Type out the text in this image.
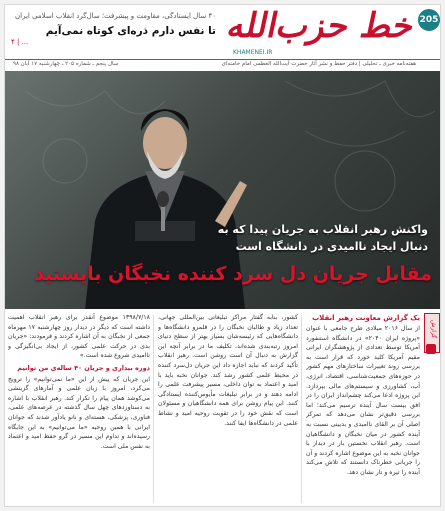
205
خط حزب‌الله
KHAMENEI.IR
۴۰ سال ایستادگی، مقاومت و پیشرفت؛ سال‌گرد انقلاب اسلامی ایران
تا نفس دارم ذره‌ای کوتاه نمی‌آیم
۴ | ...
هفته‌نامه خبری ـ تحلیلی | دفتر حفظ و نشر آثار حضرت آیت‌الله العظمی امام خامنه‌ای
سال پنجم ـ شماره ۲۰۵ ـ چهارشنبه ۱۷ آبان ۹۸
واکنش رهبر انقلاب به جریان پیدا که به دنبال ایجاد ناامیدی در دانشگاه است
مقابل جریان دل سرد کننده نخبگان بایستید
گزارش
یک گزارش معاونت رهبر انقلاب
از سال ۲۰۱۶ میلادی طرح جامعی با عنوان «پروژه ایران ۲۰۴۰» در دانشگاه استنفورد آمریکا توسط تعدادی از پژوهشگران ایرانی مقیم آمریکا کلید خورد که قرار است به بررسی روند تغییرات ساختارهای مهم کشور در حوزه‌های جمعیت‌شناسی، اقتصاد، انرژی، آب، کشاورزی و سیستم‌های مالی بپردازد. این پروژه ادعا می‌کند چشم‌انداز ایران را در افق بیست سال آینده ترسیم می‌کند؛ اما بررسی دقیق‌تر نشان می‌دهد که تمرکز اصلی آن بر القای ناامیدی و بدبینی نسبت به آینده کشور در میان نخبگان و دانشگاهیان است. رهبر انقلاب نخستین بار در دیدار با جوانان نخبه به این موضوع اشاره کردند و آن را جریانی خطرناک دانستند که تلاش می‌کند آینده را تیره و تار نشان دهد.
کشور، بنابه گفتار مراکز تبلیغاتی بین‌المللی جهانی، تعداد زیاد و طالبان نخبگان را در قلمرو دانشگاه‌ها و دانشگاه‌هایی که رئیسه‌شان بسیار بهتر از سطح دنیای امروز رتبه‌بندی شده‌اند. تکلیف ما در برابر آنچه این گزارش به دنبال آن است روشن است. رهبر انقلاب تأکید کردند که نباید اجازه داد این جریان دل‌سرد کننده در محیط علمی کشور رشد کند. جوانان نخبه باید با امید و اعتماد به توان داخلی، مسیر پیشرفت علمی را ادامه دهند و در برابر تبلیغات مأیوس‌کننده ایستادگی کنند. این پیام روشن برای همه دانشگاهیان و مسئولان است که نقش خود را در تقویت روحیه امید و نشاط علمی در دانشگاه‌ها ایفا کنند.
۱۳۹۸/۷/۱۸ موضوع آنقدر برای رهبر انقلاب اهمیت داشته است که دیگر در دیدار روز چهارشنبه ۱۷ مهرماه جمعی از نخبگان به آن اشاره کردند و فرمودند: «جریان بدی در حرکت علمی کشور، از ایجاد بی‌انگیزگی و ناامیدی شروع شده است.»
دوره بیداری و جریان ۴۰ ساله‌ی من توانیم
این جریان که پیش از این «ما نمی‌توانیم» را ترویج می‌کرد، امروز با زبان علمی و آمارهای گزینشی می‌کوشد همان پیام را تکرار کند. رهبر انقلاب با اشاره به دستاوردهای چهل سال گذشته در عرصه‌های علمی، فناوری، پزشکی، هسته‌ای و نانو یادآور شدند که جوانان ایرانی با همین روحیه «ما می‌توانیم» به این جایگاه رسیده‌اند و تداوم این مسیر در گرو حفظ امید و اعتماد به نفس ملی است.
